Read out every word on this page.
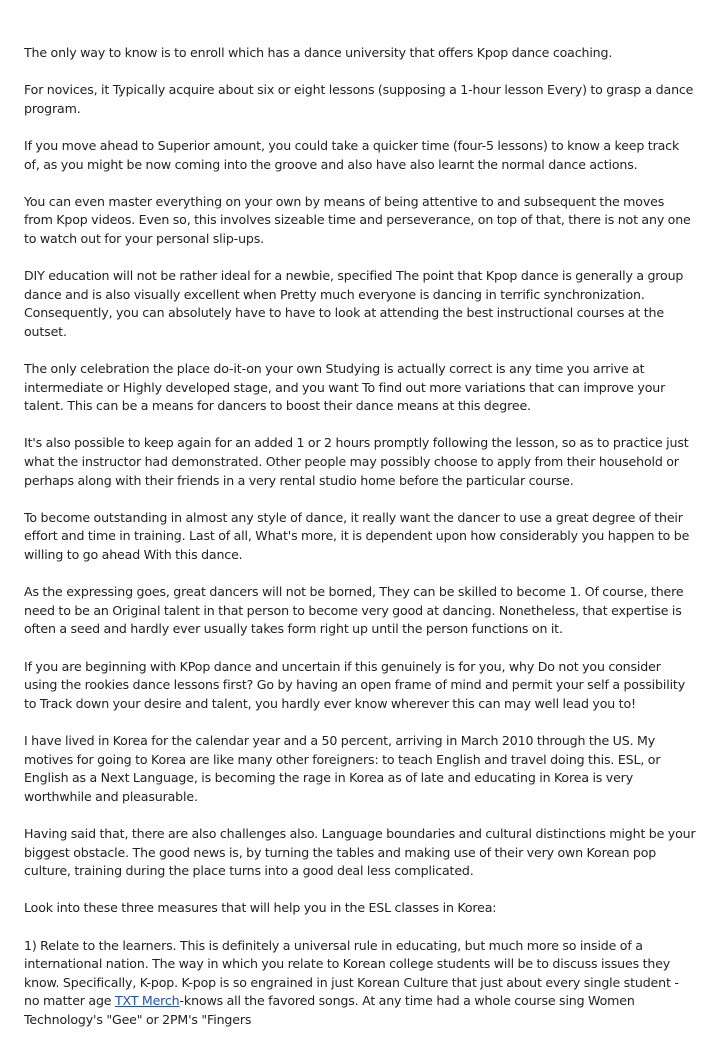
The only way to know is to enroll which has a dance university that offers Kpop dance coaching.

For novices, it Typically acquire about six or eight lessons (supposing a 1-hour lesson Every) to grasp a dance program.

If you move ahead to Superior amount, you could take a quicker time (four-5 lessons) to know a keep track of, as you might be now coming into the groove and also have also learnt the normal dance actions.

You can even master everything on your own by means of being attentive to and subsequent the moves from Kpop videos. Even so, this involves sizeable time and perseverance, on top of that, there is not any one to watch out for your personal slip-ups.

DIY education will not be rather ideal for a newbie, specified The point that Kpop dance is generally a group dance and is also visually excellent when Pretty much everyone is dancing in terrific synchronization. Consequently, you can absolutely have to have to look at attending the best instructional courses at the outset.

The only celebration the place do-it-on your own Studying is actually correct is any time you arrive at intermediate or Highly developed stage, and you want To find out more variations that can improve your talent. This can be a means for dancers to boost their dance means at this degree.

It's also possible to keep again for an added 1 or 2 hours promptly following the lesson, so as to practice just what the instructor had demonstrated. Other people may possibly choose to apply from their household or perhaps along with their friends in a very rental studio home before the particular course.

To become outstanding in almost any style of dance, it really want the dancer to use a great degree of their effort and time in training. Last of all, What's more, it is dependent upon how considerably you happen to be willing to go ahead With this dance.

As the expressing goes, great dancers will not be borned, They can be skilled to become 1. Of course, there need to be an Original talent in that person to become very good at dancing. Nonetheless, that expertise is often a seed and hardly ever usually takes form right up until the person functions on it.

If you are beginning with KPop dance and uncertain if this genuinely is for you, why Do not you consider using the rookies dance lessons first? Go by having an open frame of mind and permit your self a possibility to Track down your desire and talent, you hardly ever know wherever this can may well lead you to!

I have lived in Korea for the calendar year and a 50 percent, arriving in March 2010 through the US. My motives for going to Korea are like many other foreigners: to teach English and travel doing this. ESL, or English as a Next Language, is becoming the rage in Korea as of late and educating in Korea is very worthwhile and pleasurable.

Having said that, there are also challenges also. Language boundaries and cultural distinctions might be your biggest obstacle. The good news is, by turning the tables and making use of their very own Korean pop culture, training during the place turns into a good deal less complicated.

Look into these three measures that will help you in the ESL classes in Korea:

1) Relate to the learners. This is definitely a universal rule in educating, but much more so inside of a international nation. The way in which you relate to Korean college students will be to discuss issues they know. Specifically, K-pop. K-pop is so engrained in just Korean Culture that just about every single student - no matter age TXT Merch-knows all the favored songs. At any time had a whole course sing Women Technology's "Gee" or 2PM's "Fingers
